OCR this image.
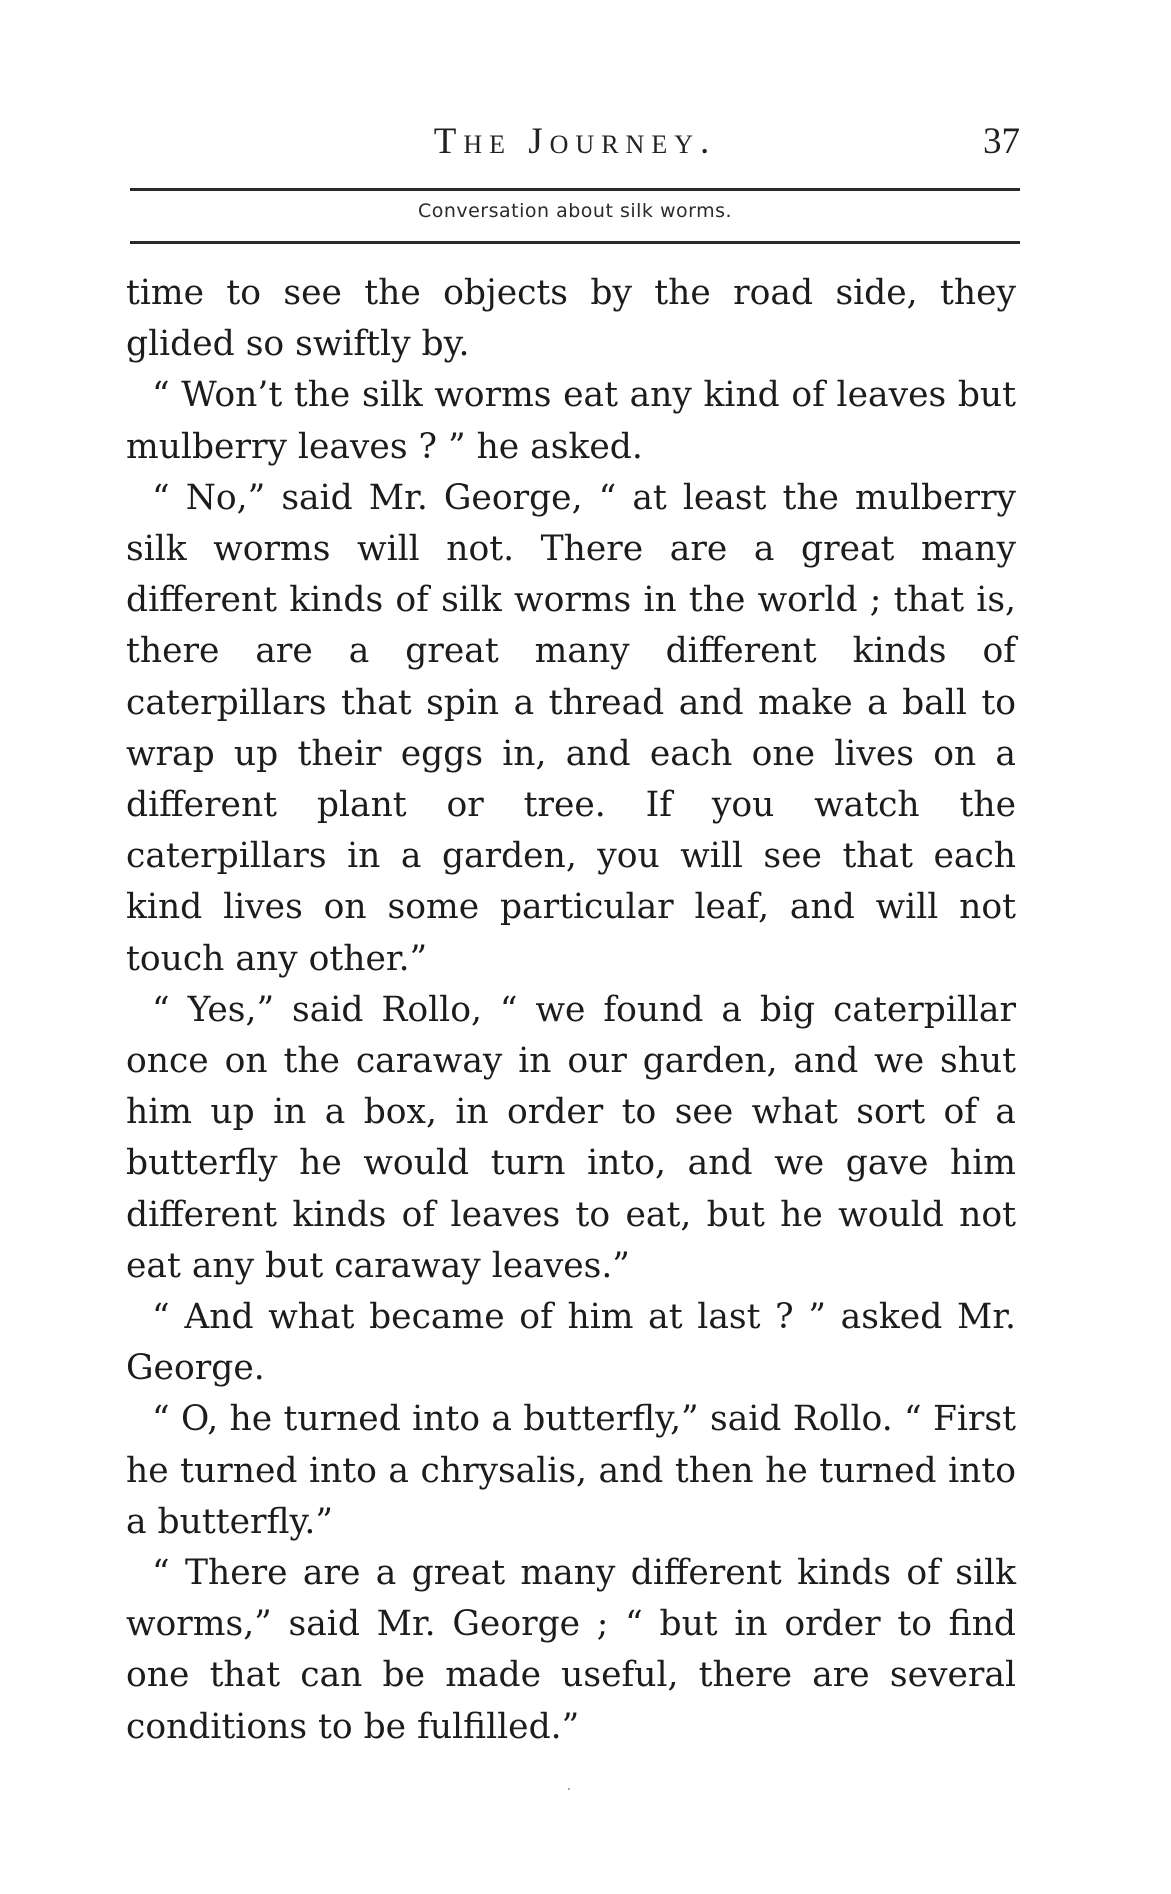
The Journey.	37
Conversation about silk worms.

time to see the objects by the road side, they glided so swiftly by.

“ Won’t the silk worms eat any kind of leaves but mulberry leaves ? ” he asked.

“ No,” said Mr. George, “ at least the mulberry silk worms will not. There are a great many different kinds of silk worms in the world ; that is, there are a great many different kinds of caterpillars that spin a thread and make a ball to wrap up their eggs in, and each one lives on a different plant or tree. If you watch the caterpillars in a garden, you will see that each kind lives on some particular leaf, and will not touch any other.”

“ Yes,” said Rollo, “ we found a big caterpillar once on the caraway in our garden, and we shut him up in a box, in order to see what sort of a butterfly he would turn into, and we gave him different kinds of leaves to eat, but he would not eat any but caraway leaves.”

“ And what became of him at last ? ” asked Mr. George.

“ O, he turned into a butterfly,” said Rollo. “ First he turned into a chrysalis, and then he turned into a butterfly.”

“ There are a great many different kinds of silk worms,” said Mr. George ; “ but in order to find one that can be made useful, there are several conditions to be fulfilled.”
